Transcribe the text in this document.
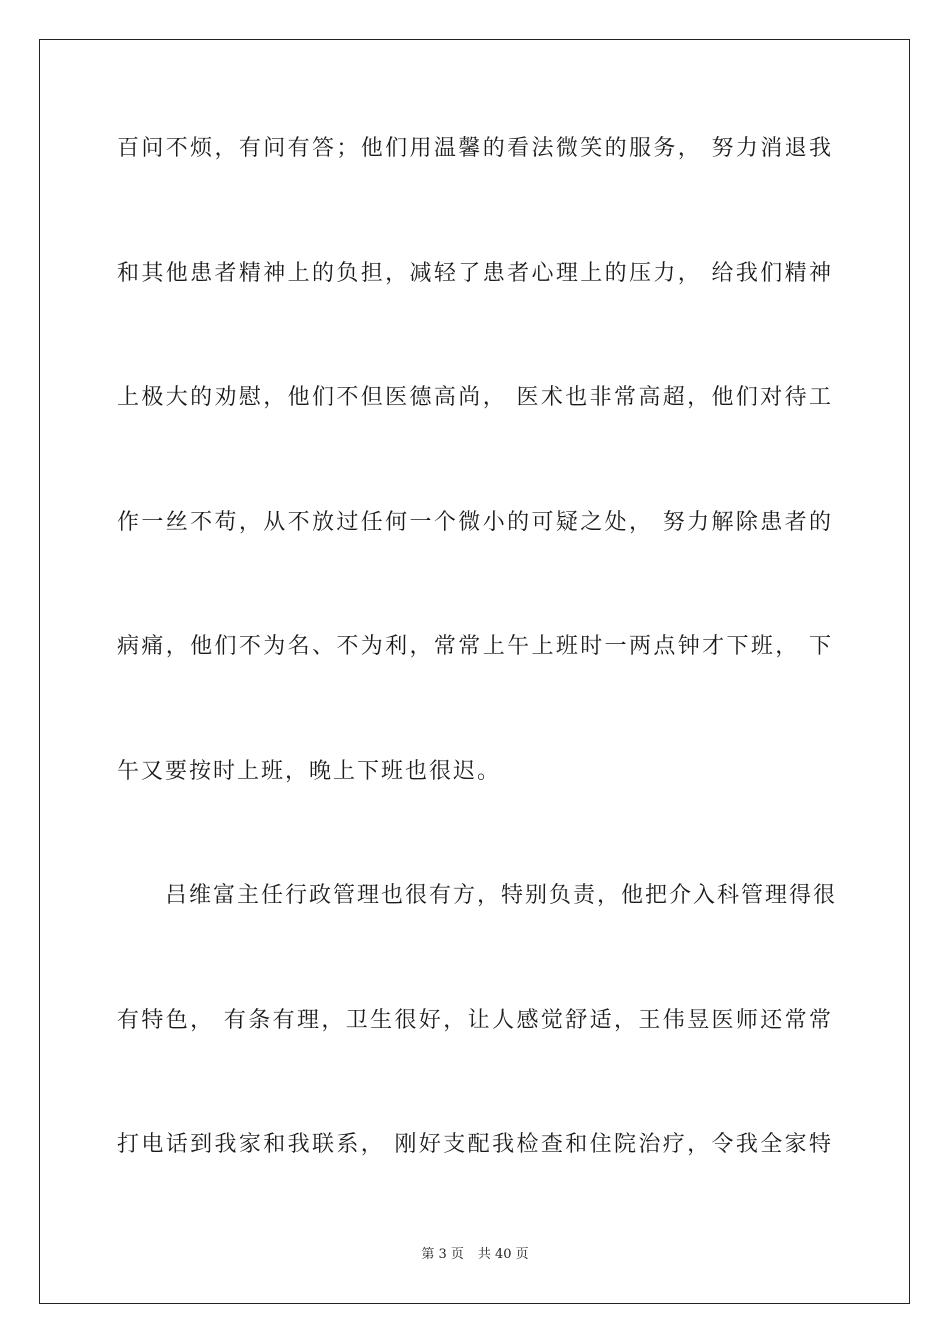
百问不烦，有问有答；他们用温馨的看法微笑的服务， 努力消退我

和其他患者精神上的负担，减轻了患者心理上的压力， 给我们精神

上极大的劝慰，他们不但医德高尚， 医术也非常高超，他们对待工

作一丝不苟，从不放过任何一个微小的可疑之处， 努力解除患者的

病痛，他们不为名、不为利，常常上午上班时一两点钟才下班， 下

午又要按时上班，晚上下班也很迟。

吕维富主任行政管理也很有方，特别负责，他把介入科管理得很

有特色， 有条有理，卫生很好，让人感觉舒适，王伟昱医师还常常

打电话到我家和我联系， 刚好支配我检查和住院治疗，令我全家特

第 3 页 共 40 页
